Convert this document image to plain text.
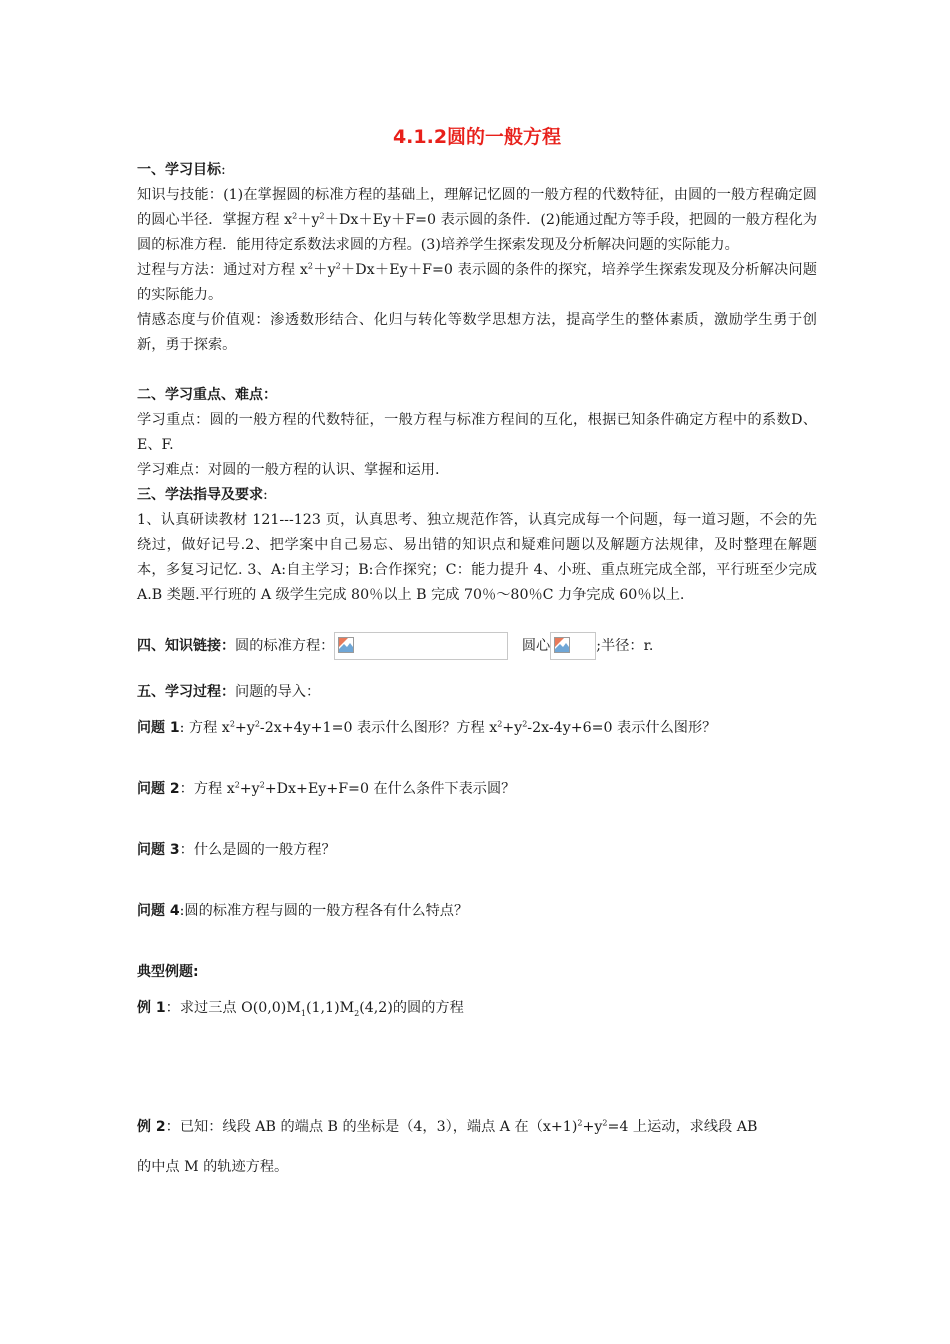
4.1.2圆的一般方程
一、学习目标:
知识与技能：(1)在掌握圆的标准方程的基础上，理解记忆圆的一般方程的代数特征，由圆的一般方程确定圆的圆心半径．掌握方程 $x^2+y^2+Dx+Ey+F=0$ 表示圆的条件．(2)能通过配方等手段，把圆的一般方程化为圆的标准方程．能用待定系数法求圆的方程。(3)培养学生探索发现及分析解决问题的实际能力。
过程与方法：通过对方程 $x^2+y^2+Dx+Ey+F=0$ 表示圆的条件的探究，培养学生探索发现及分析解决问题的实际能力。
情感态度与价值观：渗透数形结合、化归与转化等数学思想方法，提高学生的整体素质，激励学生勇于创新，勇于探索。
二、学习重点、难点：
学习重点：圆的一般方程的代数特征，一般方程与标准方程间的互化，根据已知条件确定方程中的系数D、E、F.
学习难点：对圆的一般方程的认识、掌握和运用.
三、学法指导及要求:
1、认真研读教材 121---123 页，认真思考、独立规范作答，认真完成每一个问题，每一道习题，不会的先绕过，做好记号.2、把学案中自己易忘、易出错的知识点和疑难问题以及解题方法规律，及时整理在解题本，多复习记忆. 3、A:自主学习；B:合作探究；C：能力提升 4、小班、重点班完成全部，平行班至少完成 A.B 类题.平行班的 A 级学生完成 80％以上 B 完成 70％～80％C 力争完成 60％以上.
四、知识链接：圆的标准方程：	圆心	;半径：r.
五、学习过程：问题的导入：
问题 1: 方程 $x^2+y^2-2x+4y+1=0$ 表示什么图形？方程 $x^2+y^2-2x-4y+6=0$ 表示什么图形？
问题 2：方程 $x^2+y^2+Dx+Ey+F=0$ 在什么条件下表示圆？
问题 3：什么是圆的一般方程？
问题 4:圆的标准方程与圆的一般方程各有什么特点？
典型例题:
例 1：求过三点 $O(0,0)M_1(1,1)M_2(4,2)$的圆的方程
例 2：已知：线段 AB 的端点 B 的坐标是（4，3），端点 A 在$(x+1)^2+y^2=4$ 上运动，求线段 AB
的中点 M 的轨迹方程。
